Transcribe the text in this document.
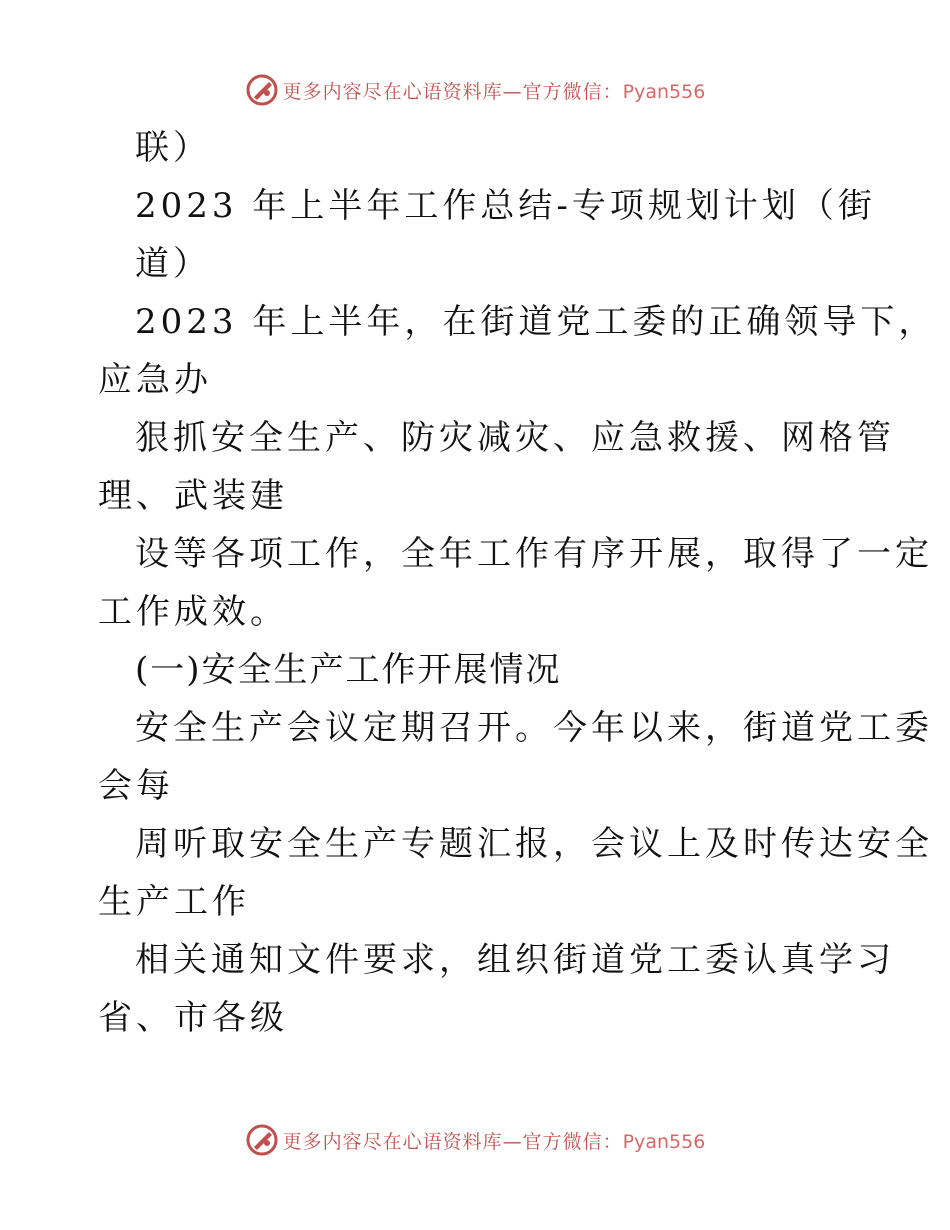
更多内容尽在心语资料库—官方微信：Pyan556
联）
2023 年上半年工作总结-专项规划计划（街
道）
2023 年上半年，在街道党工委的正确领导下，
应急办
狠抓安全生产、防灾减灾、应急救援、网格管
理、武装建
设等各项工作，全年工作有序开展，取得了一定
工作成效。
(一)安全生产工作开展情况
安全生产会议定期召开。今年以来，街道党工委
会每
周听取安全生产专题汇报，会议上及时传达安全
生产工作
相关通知文件要求，组织街道党工委认真学习
省、市各级
更多内容尽在心语资料库—官方微信：Pyan556
